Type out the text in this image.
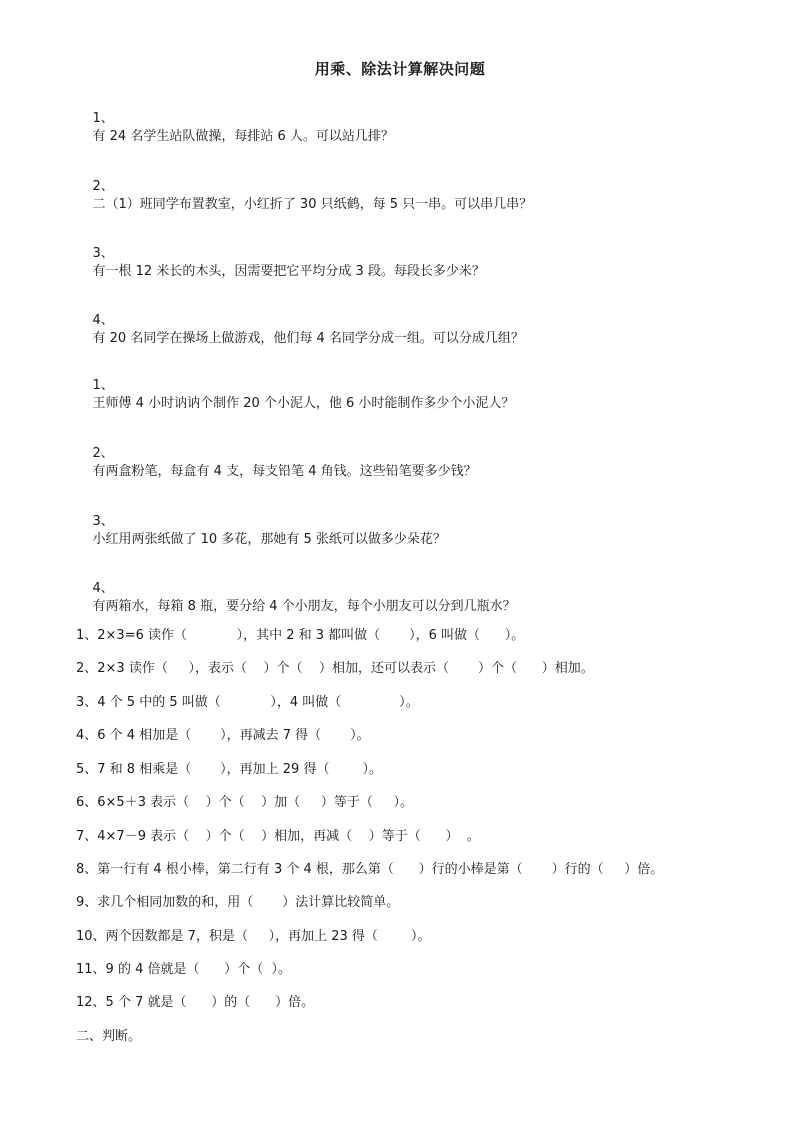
用乘、除法计算解决问题

1、
有 24 名学生站队做操，每排站 6 人。可以站几排？

2、
二（1）班同学布置教室，小红折了 30 只纸鹤，每 5 只一串。可以串几串？

3、
有一根 12 米长的木头，因需要把它平均分成 3 段。每段长多少米？

4、
有 20 名同学在操场上做游戏，他们每 4 名同学分成一组。可以分成几组？

1、
王师傅 4 小时讷讷个制作 20 个小泥人，他 6 小时能制作多少个小泥人？

2、
有两盒粉笔，每盒有 4 支，每支铅笔 4 角钱。这些铅笔要多少钱？

3、
小红用两张纸做了 10 多花，那她有 5 张纸可以做多少朵花？

4、
有两箱水，每箱 8 瓶，要分给 4 个小朋友，每个小朋友可以分到几瓶水？

1、2×3=6 读作（            ），其中 2 和 3 都叫做（       ），6 叫做（      ）。
2、2×3 读作（     ），表示（    ）个（    ）相加，还可以表示（       ）个（      ）相加。
3、4 个 5 中的 5 叫做（            ），4 叫做（              ）。
4、6 个 4 相加是（       ），再减去 7 得（       ）。
5、7 和 8 相乘是（       ），再加上 29 得（        ）。
6、6×5＋3 表示（    ）个（    ）加（     ）等于（     ）。
7、4×7－9 表示（    ）个（    ）相加，再减（    ）等于（      ）  。
8、第一行有 4 根小棒，第二行有 3 个 4 根，那么第（      ）行的小棒是第（       ）行的（     ）倍。
9、求几个相同加数的和，用（       ）法计算比较简单。
10、两个因数都是 7，积是（     ），再加上 23 得（        ）。
11、9 的 4 倍就是（      ）个（  ）。
12、5 个 7 就是（      ）的（      ）倍。
二、判断。
